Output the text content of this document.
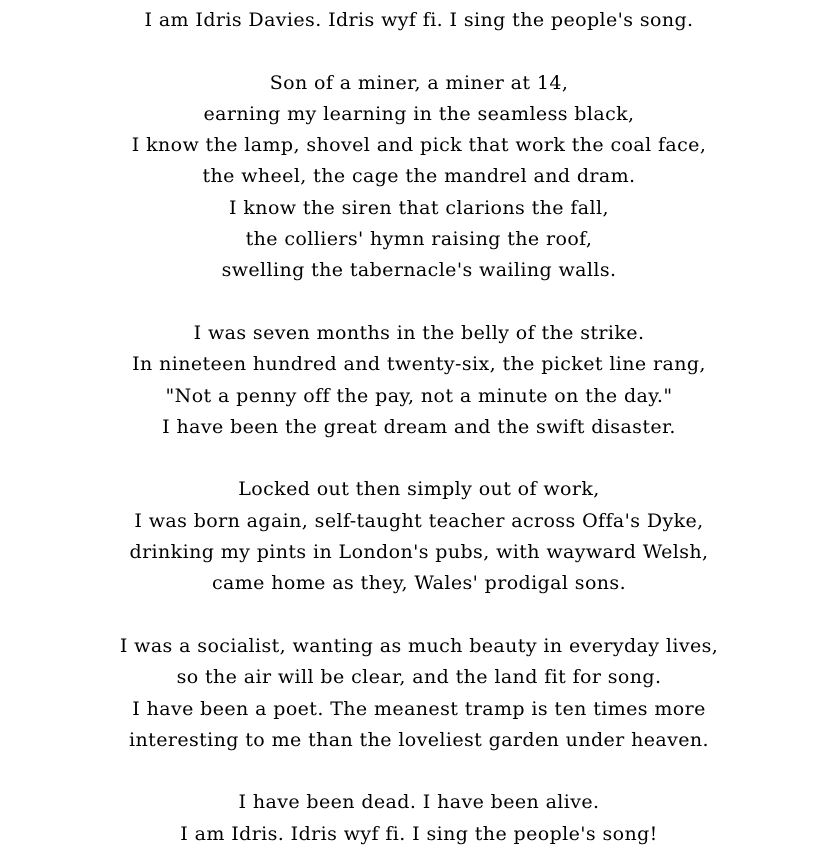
I am Idris Davies. Idris wyf fi. I sing the people's song.

Son of a miner, a miner at 14,

earning my learning in the seamless black,

I know the lamp, shovel and pick that work the coal face,

the wheel, the cage the mandrel and dram.

I know the siren that clarions the fall,

the colliers' hymn raising the roof,

swelling the tabernacle's wailing walls.

I was seven months in the belly of the strike.

In nineteen hundred and twenty-six, the picket line rang,

"Not a penny off the pay, not a minute on the day."

I have been the great dream and the swift disaster.

Locked out then simply out of work,

I was born again, self-taught teacher across Offa's Dyke,

drinking my pints in London's pubs, with wayward Welsh,

came home as they, Wales' prodigal sons.

I was a socialist, wanting as much beauty in everyday lives,

so the air will be clear, and the land fit for song.

I have been a poet. The meanest tramp is ten times more

interesting to me than the loveliest garden under heaven.

I have been dead. I have been alive.

I am Idris. Idris wyf fi. I sing the people's song!
